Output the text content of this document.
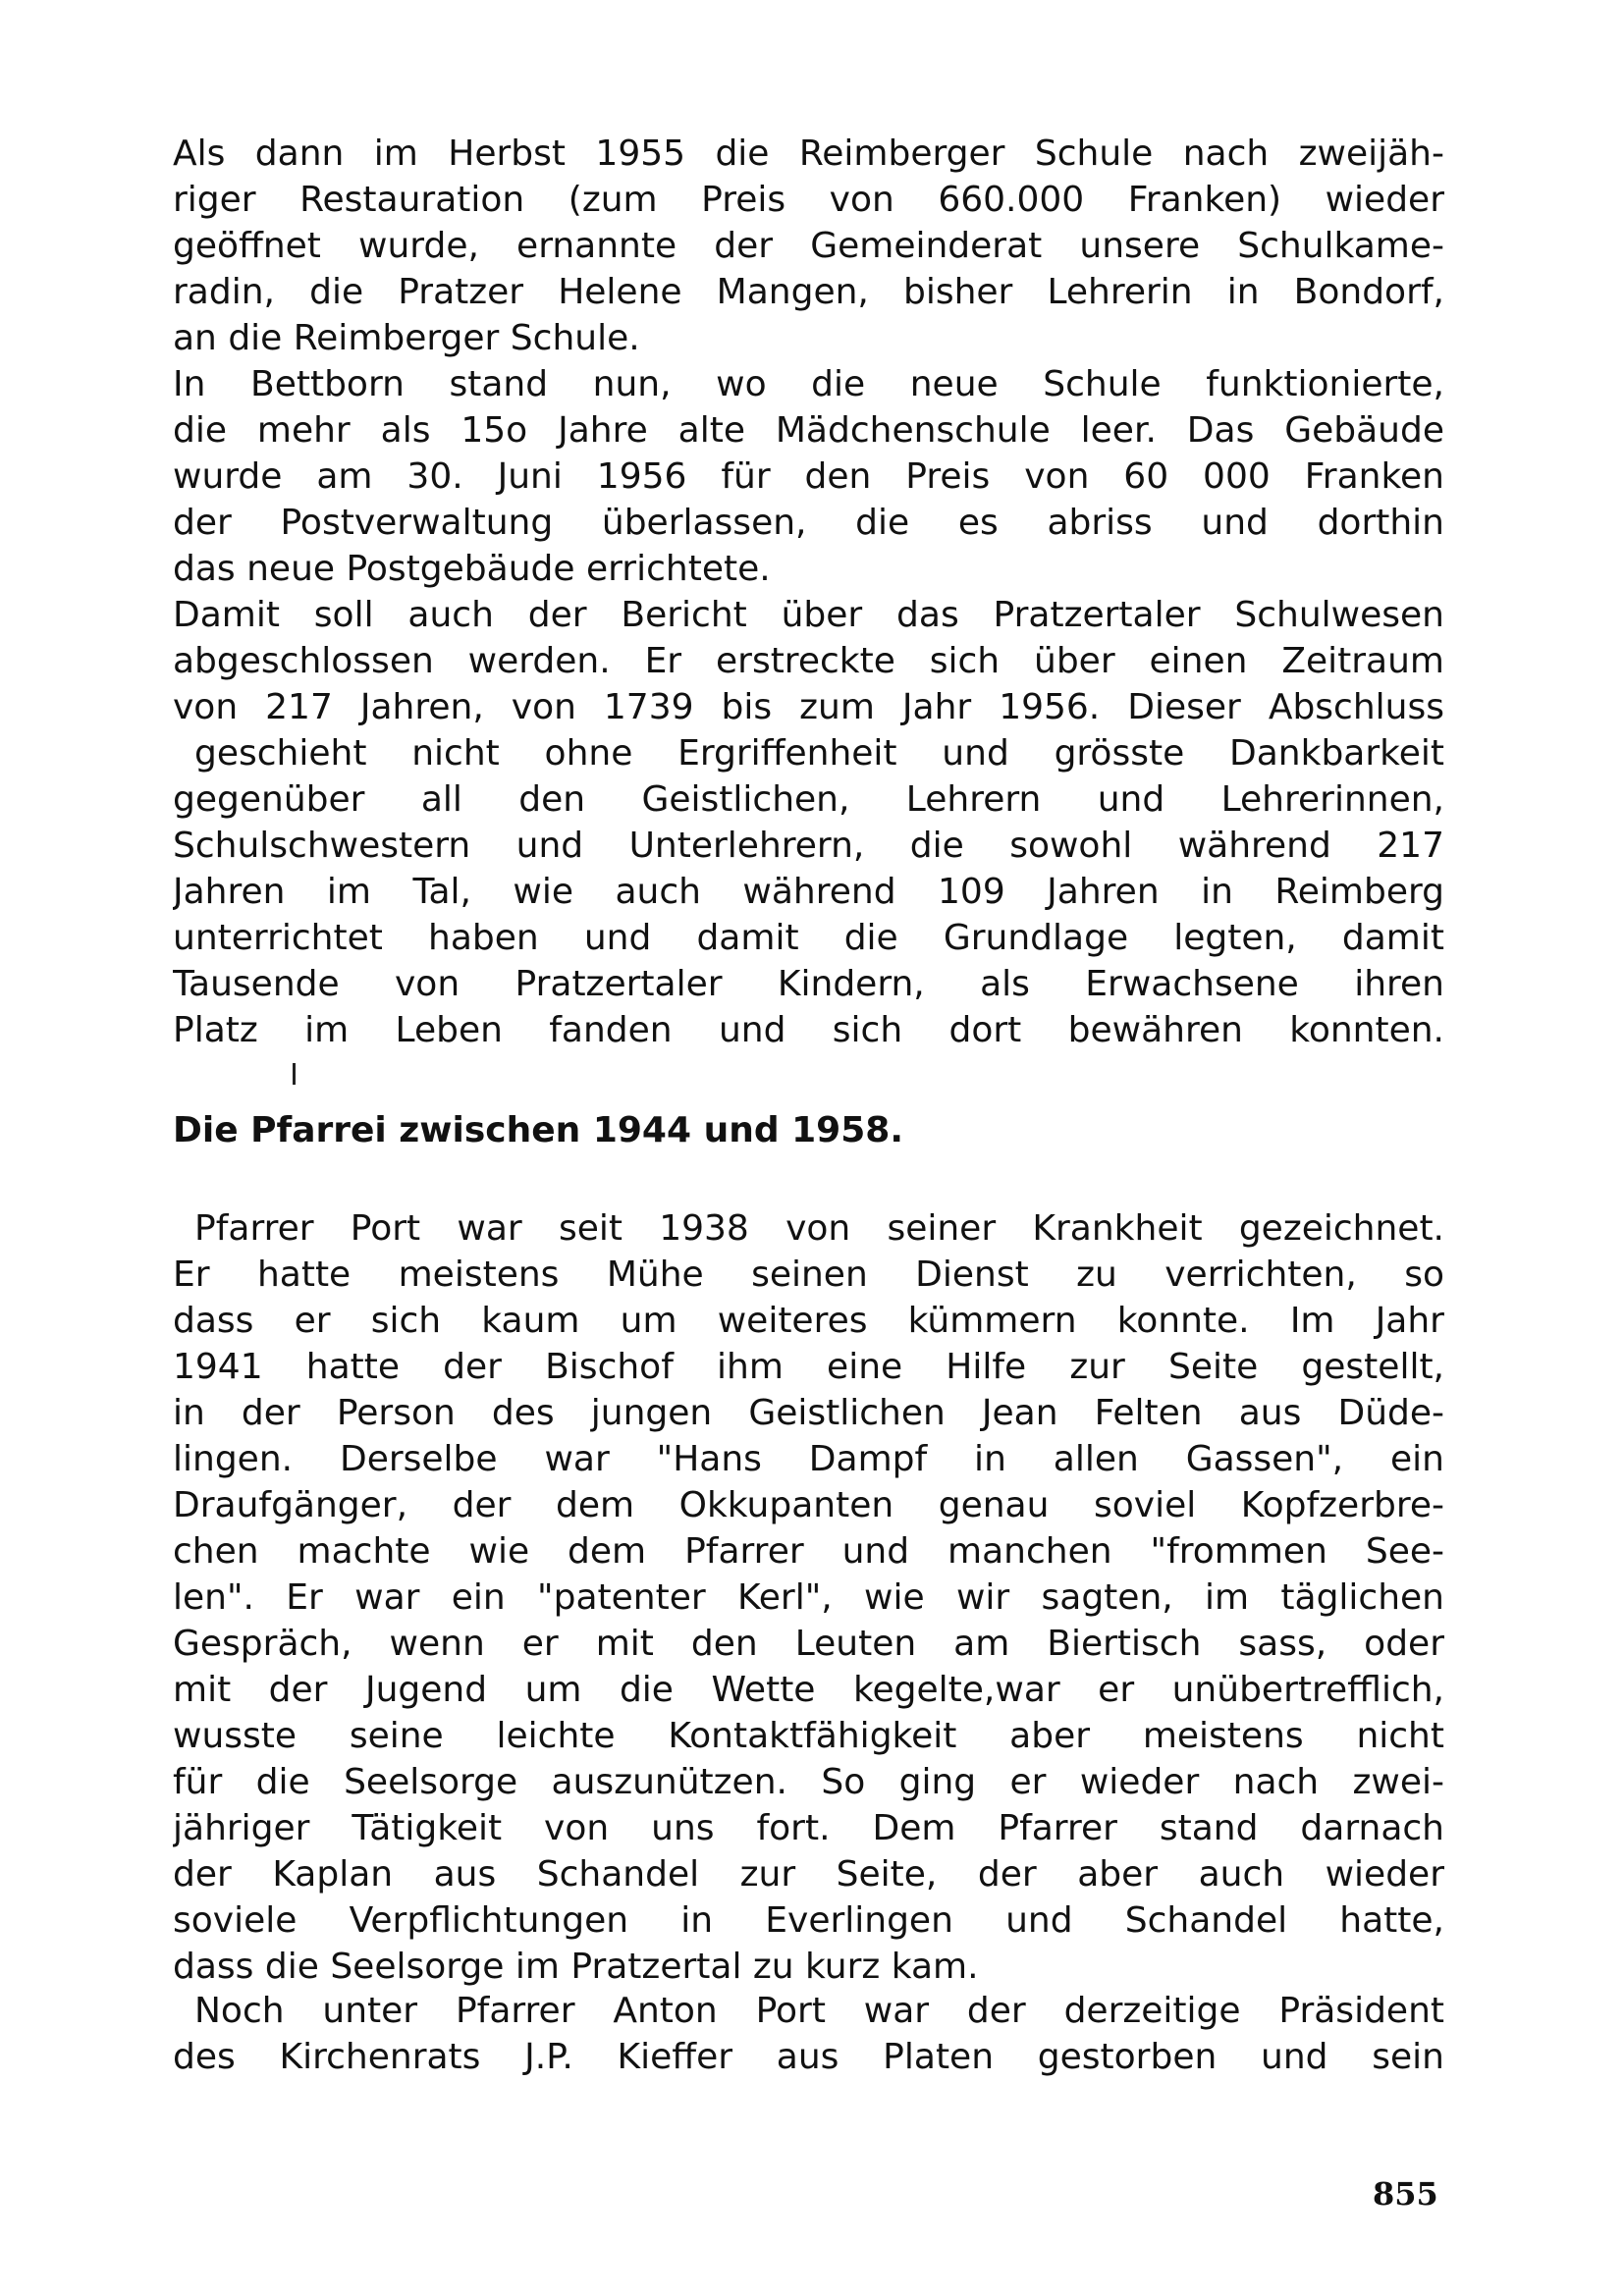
Als dann im Herbst 1955 die Reimberger Schule nach zweijäh-
riger Restauration (zum Preis von 660.000 Franken) wieder
geöffnet wurde, ernannte der Gemeinderat unsere Schulkame-
radin, die Pratzer Helene Mangen, bisher Lehrerin in Bondorf,
an die Reimberger Schule.
In Bettborn stand nun, wo die neue Schule funktionierte,
die mehr als 15o Jahre alte Mädchenschule leer. Das Gebäude
wurde am 30. Juni 1956 für den Preis von 60 000 Franken
der Postverwaltung überlassen, die es abriss und dorthin
das neue Postgebäude errichtete.
Damit soll auch der Bericht über das Pratzertaler Schulwesen
abgeschlossen werden. Er erstreckte sich über einen Zeitraum
von 217 Jahren, von 1739 bis zum Jahr 1956. Dieser Abschluss
geschieht nicht ohne Ergriffenheit und grösste Dankbarkeit
gegenüber all den Geistlichen, Lehrern und Lehrerinnen,
Schulschwestern und Unterlehrern, die sowohl während 217
Jahren im Tal, wie auch während 109 Jahren in Reimberg
unterrichtet haben und damit die Grundlage legten, damit
Tausende von Pratzertaler Kindern, als Erwachsene ihren
Platz im Leben fanden und sich dort bewähren konnten.
Die Pfarrei zwischen 1944 und 1958.
Pfarrer Port war seit 1938 von seiner Krankheit gezeichnet.
Er hatte meistens Mühe seinen Dienst zu verrichten, so
dass er sich kaum um weiteres kümmern konnte. Im Jahr
1941 hatte der Bischof ihm eine Hilfe zur Seite gestellt,
in der Person des jungen Geistlichen Jean Felten aus Düde-
lingen. Derselbe war "Hans Dampf in allen Gassen", ein
Draufgänger, der dem Okkupanten genau soviel Kopfzerbre-
chen machte wie dem Pfarrer und manchen "frommen See-
len". Er war ein "patenter Kerl", wie wir sagten, im täglichen
Gespräch, wenn er mit den Leuten am Biertisch sass, oder
mit der Jugend um die Wette kegelte,war er unübertrefflich,
wusste seine leichte Kontaktfähigkeit aber meistens nicht
für die Seelsorge auszunützen. So ging er wieder nach zwei-
jähriger Tätigkeit von uns fort. Dem Pfarrer stand darnach
der Kaplan aus Schandel zur Seite, der aber auch wieder
soviele Verpflichtungen in Everlingen und Schandel hatte,
dass die Seelsorge im Pratzertal zu kurz kam.
Noch unter Pfarrer Anton Port war der derzeitige Präsident
des Kirchenrats J.P. Kieffer aus Platen gestorben und sein
855
